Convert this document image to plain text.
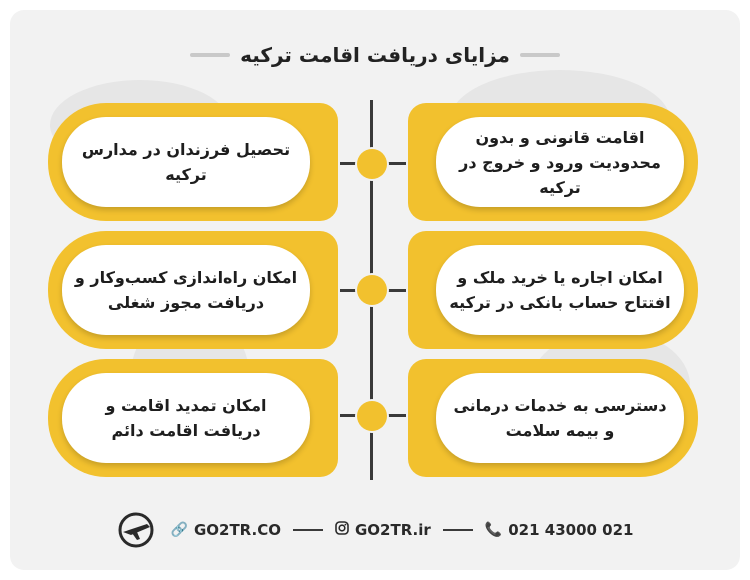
مزایای دریافت اقامت ترکیه
تحصیل فرزندان در مدارس ترکیه
امکان راه‌اندازی کسب‌وکار و
دریافت مجوز شغلی
امکان تمدید اقامت و
دریافت اقامت دائم
اقامت قانونی و بدون
محدودیت ورود و خروج در ترکیه
امکان اجاره یا خرید ملک و
افتتاح حساب بانکی در ترکیه
دسترسی به خدمات درمانی
و بیمه سلامت
🔗 GO2TR.CO	GO2TR.ir	📞 021 43000 021
